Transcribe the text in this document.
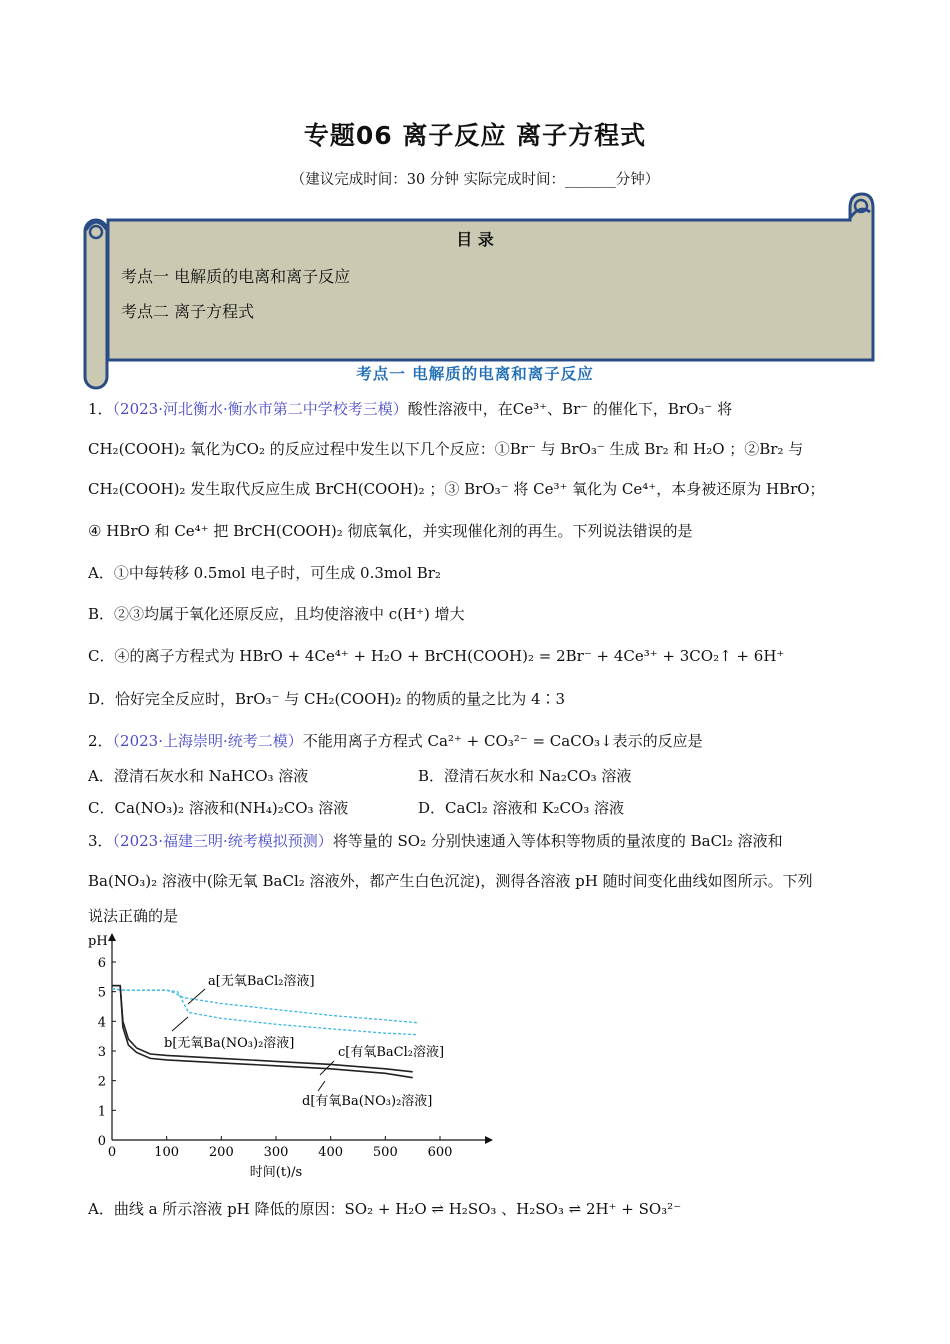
专题06 离子反应 离子方程式
（建议完成时间：30 分钟 实际完成时间：_______分钟）
目 录
考点一 电解质的电离和离子反应
考点二 离子方程式
考点一 电解质的电离和离子反应
1．（2023·河北衡水·衡水市第二中学校考三模）酸性溶液中，在Ce³⁺、Br⁻ 的催化下，BrO₃⁻ 将
CH₂(COOH)₂ 氧化为CO₂ 的反应过程中发生以下几个反应：①Br⁻ 与 BrO₃⁻ 生成 Br₂ 和 H₂O ；②Br₂ 与
CH₂(COOH)₂ 发生取代反应生成 BrCH(COOH)₂ ；③ BrO₃⁻ 将 Ce³⁺ 氧化为 Ce⁴⁺，本身被还原为 HBrO；
④ HBrO 和 Ce⁴⁺ 把 BrCH(COOH)₂ 彻底氧化，并实现催化剂的再生。下列说法错误的是
A．①中每转移 0.5mol 电子时，可生成 0.3mol Br₂
B．②③均属于氧化还原反应，且均使溶液中 c(H⁺) 增大
C．④的离子方程式为 HBrO + 4Ce⁴⁺ + H₂O + BrCH(COOH)₂ = 2Br⁻ + 4Ce³⁺ + 3CO₂↑ + 6H⁺
D．恰好完全反应时，BrO₃⁻ 与 CH₂(COOH)₂ 的物质的量之比为 4∶3
2．（2023·上海崇明·统考二模）不能用离子方程式 Ca²⁺ + CO₃²⁻ = CaCO₃↓表示的反应是
A．澄清石灰水和 NaHCO₃ 溶液	B．澄清石灰水和 Na₂CO₃ 溶液
C．Ca(NO₃)₂ 溶液和(NH₄)₂CO₃ 溶液	D．CaCl₂ 溶液和 K₂CO₃ 溶液
3．（2023·福建三明·统考模拟预测）将等量的 SO₂ 分别快速通入等体积等物质的量浓度的 BaCl₂ 溶液和
Ba(NO₃)₂ 溶液中(除无氧 BaCl₂ 溶液外，都产生白色沉淀)，测得各溶液 pH 随时间变化曲线如图所示。下列
说法正确的是
0	100 200 300 400 500 600
0
1
2
3
4
5
6
pH
时间(t)/s
a[无氧BaCl₂溶液]
b[无氧Ba(NO₃)₂溶液]
c[有氧BaCl₂溶液]
d[有氧Ba(NO₃)₂溶液]
A．曲线 a 所示溶液 pH 降低的原因：SO₂ + H₂O ⇌ H₂SO₃ 、H₂SO₃ ⇌ 2H⁺ + SO₃²⁻
